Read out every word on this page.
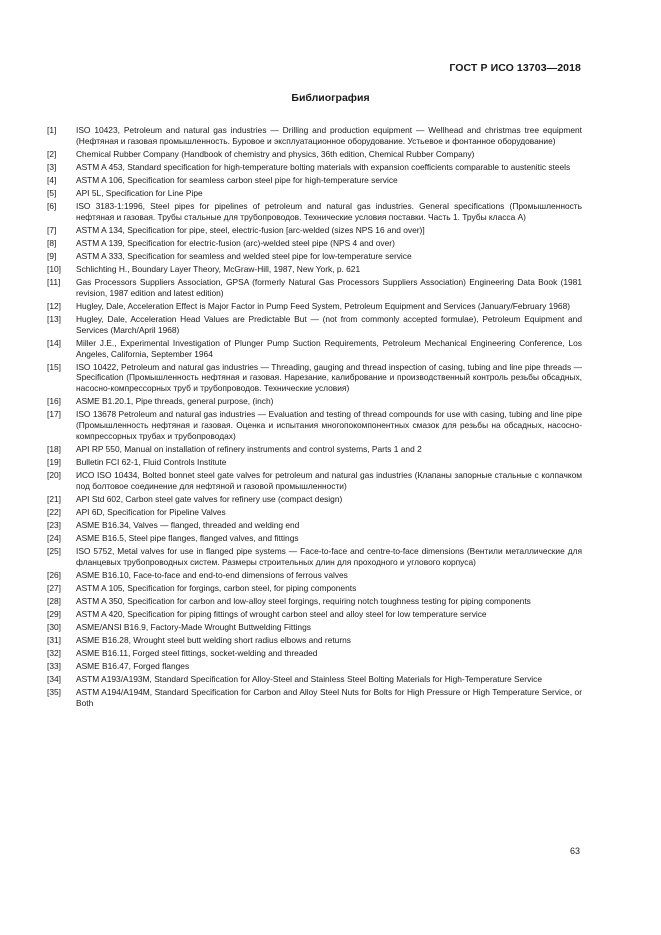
ГОСТ Р ИСО 13703—2018
Библиография
[1]	ISO 10423, Petroleum and natural gas industries — Drilling and production equipment — Wellhead and christmas tree equipment (Нефтяная и газовая промышленность. Буровое и эксплуатационное оборудование. Устьевое и фонтанное оборудование)
[2]	Chemical Rubber Company (Handbook of chemistry and physics, 36th edition, Chemical Rubber Company)
[3]	ASTM A 453, Standard specification for high-temperature bolting materials with expansion coefficients comparable to austenitic steels
[4]	ASTM A 106, Specification for seamless carbon steel pipe for high-temperature service
[5]	API 5L, Specification for Line Pipe
[6]	ISO 3183-1:1996, Steel pipes for pipelines of petroleum and natural gas industries. General specifications (Промышленность нефтяная и газовая. Трубы стальные для трубопроводов. Технические условия поставки. Часть 1. Трубы класса А)
[7]	ASTM A 134, Specification for pipe, steel, electric-fusion [arc-welded (sizes NPS 16 and over)]
[8]	ASTM A 139, Specification for electric-fusion (arc)-welded steel pipe (NPS 4 and over)
[9]	ASTM A 333, Specification for seamless and welded steel pipe for low-temperature service
[10]	Schlichting H., Boundary Layer Theory, McGraw-Hill, 1987, New York, p. 621
[11]	Gas Processors Suppliers Association, GPSA (formerly Natural Gas Processors Suppliers Association) Engineering Data Book (1981 revision, 1987 edition and latest edition)
[12]	Hugley, Dale, Acceleration Effect is Major Factor in Pump Feed System, Petroleum Equipment and Services (January/February 1968)
[13]	Hugley, Dale, Acceleration Head Values are Predictable But — (not from commonly accepted formulae), Petroleum Equipment and Services (March/April 1968)
[14]	Miller J.E., Experimental Investigation of Plunger Pump Suction Requirements, Petroleum Mechanical Engineering Conference, Los Angeles, California, September 1964
[15]	ISO 10422, Petroleum and natural gas industries — Threading, gauging and thread inspection of casing, tubing and line pipe threads — Specification (Промышленность нефтяная и газовая. Нарезание, калибрование и производственный контроль резьбы обсадных, насосно-компрессорных труб и трубопроводов. Технические условия)
[16]	ASME B1.20.1, Pipe threads, general purpose, (inch)
[17]	ISO 13678 Petroleum and natural gas industries — Evaluation and testing of thread compounds for use with casing, tubing and line pipe (Промышленность нефтяная и газовая. Оценка и испытания многопокомпонентных смазок для резьбы на обсадных, насосно-компрессорных трубах и трубопроводах)
[18]	API RP 550, Manual on installation of refinery instruments and control systems, Parts 1 and 2
[19]	Bulletin FCI 62-1, Fluid Controls Institute
[20]	ИСО ISO 10434, Bolted bonnet steel gate valves for petroleum and natural gas industries (Клапаны запорные стальные с колпачком под болтовое соединение для нефтяной и газовой промышленности)
[21]	API Std 602, Carbon steel gate valves for refinery use (compact design)
[22]	API 6D, Specification for Pipeline Valves
[23]	ASME B16.34, Valves — flanged, threaded and welding end
[24]	ASME B16.5, Steel pipe flanges, flanged valves, and fittings
[25]	ISO 5752, Metal valves for use in flanged pipe systems — Face-to-face and centre-to-face dimensions (Вентили металлические для фланцевых трубопроводных систем. Размеры строительных длин для проходного и углового корпуса)
[26]	ASME B16.10, Face-to-face and end-to-end dimensions of ferrous valves
[27]	ASTM A 105, Specification for forgings, carbon steel, for piping components
[28]	ASTM A 350, Specification for carbon and low-alloy steel forgings, requiring notch toughness testing for piping components
[29]	ASTM A 420, Specification for piping fittings of wrought carbon steel and alloy steel for low temperature service
[30]	ASME/ANSI B16.9, Factory-Made Wrought Buttwelding Fittings
[31]	ASME B16.28, Wrought steel butt welding short radius elbows and returns
[32]	ASME B16.11, Forged steel fittings, socket-welding and threaded
[33]	ASME B16.47, Forged flanges
[34]	ASTM A193/A193M, Standard Specification for Alloy-Steel and Stainless Steel Bolting Materials for High-Temperature Service
[35]	ASTM A194/A194M, Standard Specification for Carbon and Alloy Steel Nuts for Bolts for High Pressure or High Temperature Service, or Both
63
